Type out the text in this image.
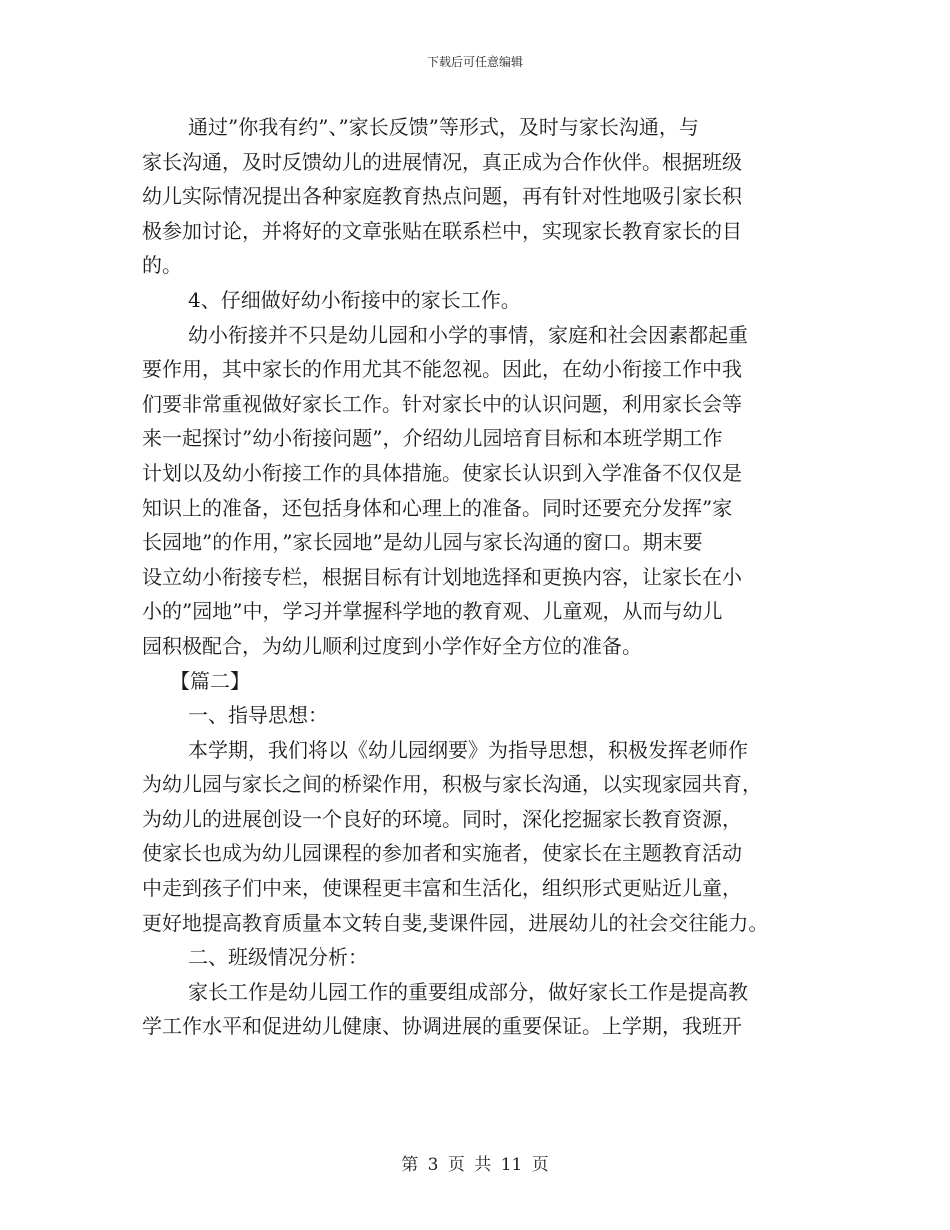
下载后可任意编辑
通过”你我有约”、”家长反馈”等形式，及时与家长沟通，与
家长沟通，及时反馈幼儿的进展情况，真正成为合作伙伴。根据班级
幼儿实际情况提出各种家庭教育热点问题，再有针对性地吸引家长积
极参加讨论，并将好的文章张贴在联系栏中，实现家长教育家长的目
的。
4、仔细做好幼小衔接中的家长工作。
幼小衔接并不只是幼儿园和小学的事情，家庭和社会因素都起重
要作用，其中家长的作用尤其不能忽视。因此，在幼小衔接工作中我
们要非常重视做好家长工作。针对家长中的认识问题，利用家长会等
来一起探讨”幼小衔接问题”，介绍幼儿园培育目标和本班学期工作
计划以及幼小衔接工作的具体措施。使家长认识到入学准备不仅仅是
知识上的准备，还包括身体和心理上的准备。同时还要充分发挥”家
长园地”的作用，”家长园地”是幼儿园与家长沟通的窗口。期末要
设立幼小衔接专栏，根据目标有计划地选择和更换内容，让家长在小
小的”园地”中，学习并掌握科学地的教育观、儿童观，从而与幼儿
园积极配合，为幼儿顺利过度到小学作好全方位的准备。
【篇二】
一、指导思想：
本学期，我们将以《幼儿园纲要》为指导思想，积极发挥老师作
为幼儿园与家长之间的桥梁作用，积极与家长沟通，以实现家园共育，
为幼儿的进展创设一个良好的环境。同时，深化挖掘家长教育资源，
使家长也成为幼儿园课程的参加者和实施者，使家长在主题教育活动
中走到孩子们中来，使课程更丰富和生活化，组织形式更贴近儿童，
更好地提高教育质量本文转自斐,斐课件园，进展幼儿的社会交往能力。
二、班级情况分析：
家长工作是幼儿园工作的重要组成部分，做好家长工作是提高教
学工作水平和促进幼儿健康、协调进展的重要保证。上学期，我班开
第 3 页 共 11 页
